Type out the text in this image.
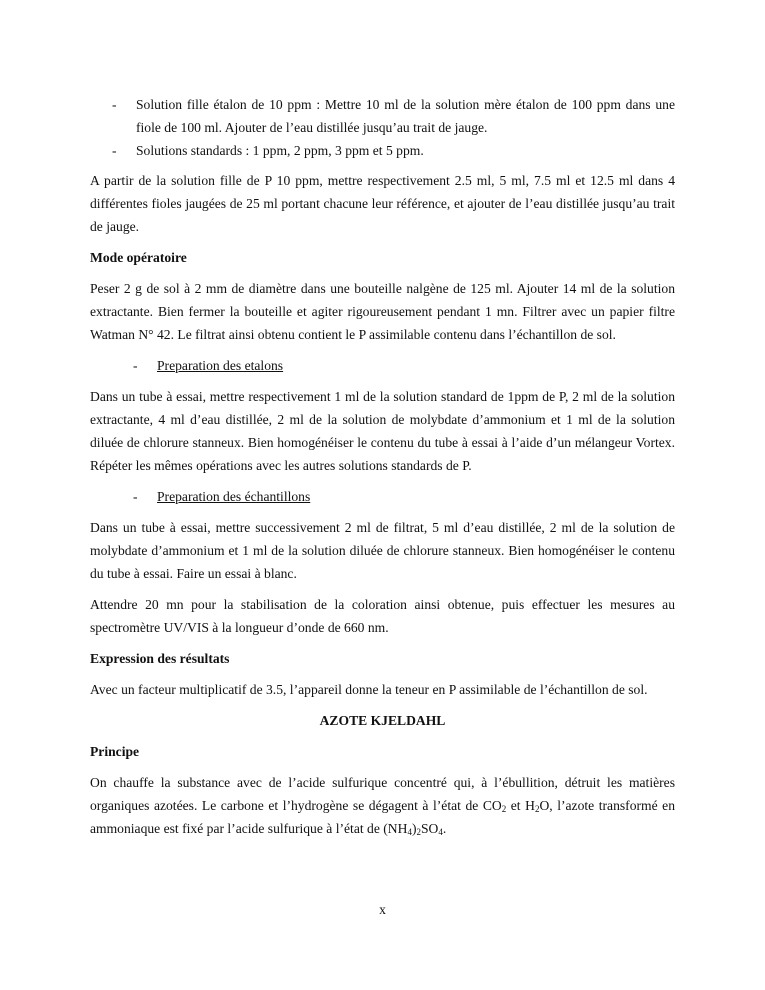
- Solution fille étalon de 10 ppm : Mettre 10 ml de la solution mère étalon de 100 ppm dans une fiole de 100 ml. Ajouter de l’eau distillée jusqu’au trait de jauge.
- Solutions standards : 1 ppm, 2 ppm, 3 ppm et 5 ppm.

A partir de la solution fille de P 10 ppm, mettre respectivement 2.5 ml, 5 ml, 7.5 ml et 12.5 ml dans 4 différentes fioles jaugées de 25 ml portant chacune leur référence, et ajouter de l’eau distillée jusqu’au trait de jauge.

Mode opératoire

Peser 2 g de sol à 2 mm de diamètre dans une bouteille nalgène de 125 ml. Ajouter 14 ml de la solution extractante. Bien fermer la bouteille et agiter rigoureusement pendant 1 mn. Filtrer avec un papier filtre Watman N° 42. Le filtrat ainsi obtenu contient le P assimilable contenu dans l’échantillon de sol.

- Preparation des etalons

Dans un tube à essai, mettre respectivement 1 ml de la solution standard de 1ppm de P, 2 ml de la solution extractante, 4 ml d’eau distillée, 2 ml de la solution de molybdate d’ammonium et 1 ml de la solution diluée de chlorure stanneux. Bien homogénéiser le contenu du tube à essai à l’aide d’un mélangeur Vortex. Répéter les mêmes opérations avec les autres solutions standards de P.

- Preparation des échantillons

Dans un tube à essai, mettre successivement 2 ml de filtrat, 5 ml d’eau distillée, 2 ml de la solution de molybdate d’ammonium et 1 ml de la solution diluée de chlorure stanneux. Bien homogénéiser le contenu du tube à essai. Faire un essai à blanc.

Attendre 20 mn pour la stabilisation de la coloration ainsi obtenue, puis effectuer les mesures au spectromètre UV/VIS à la longueur d’onde de 660 nm.

Expression des résultats

Avec un facteur multiplicatif de 3.5, l’appareil donne la teneur en P assimilable de l’échantillon de sol.

AZOTE KJELDAHL
Principe

On chauffe la substance avec de l’acide sulfurique concentré qui, à l’ébullition, détruit les matières organiques azotées. Le carbone et l’hydrogène se dégagent à l’état de $CO_2$ et $H_2O$, l’azote transformé en ammoniaque est fixé par l’acide sulfurique à l’état de $(NH_4)_2SO_4$.

x
